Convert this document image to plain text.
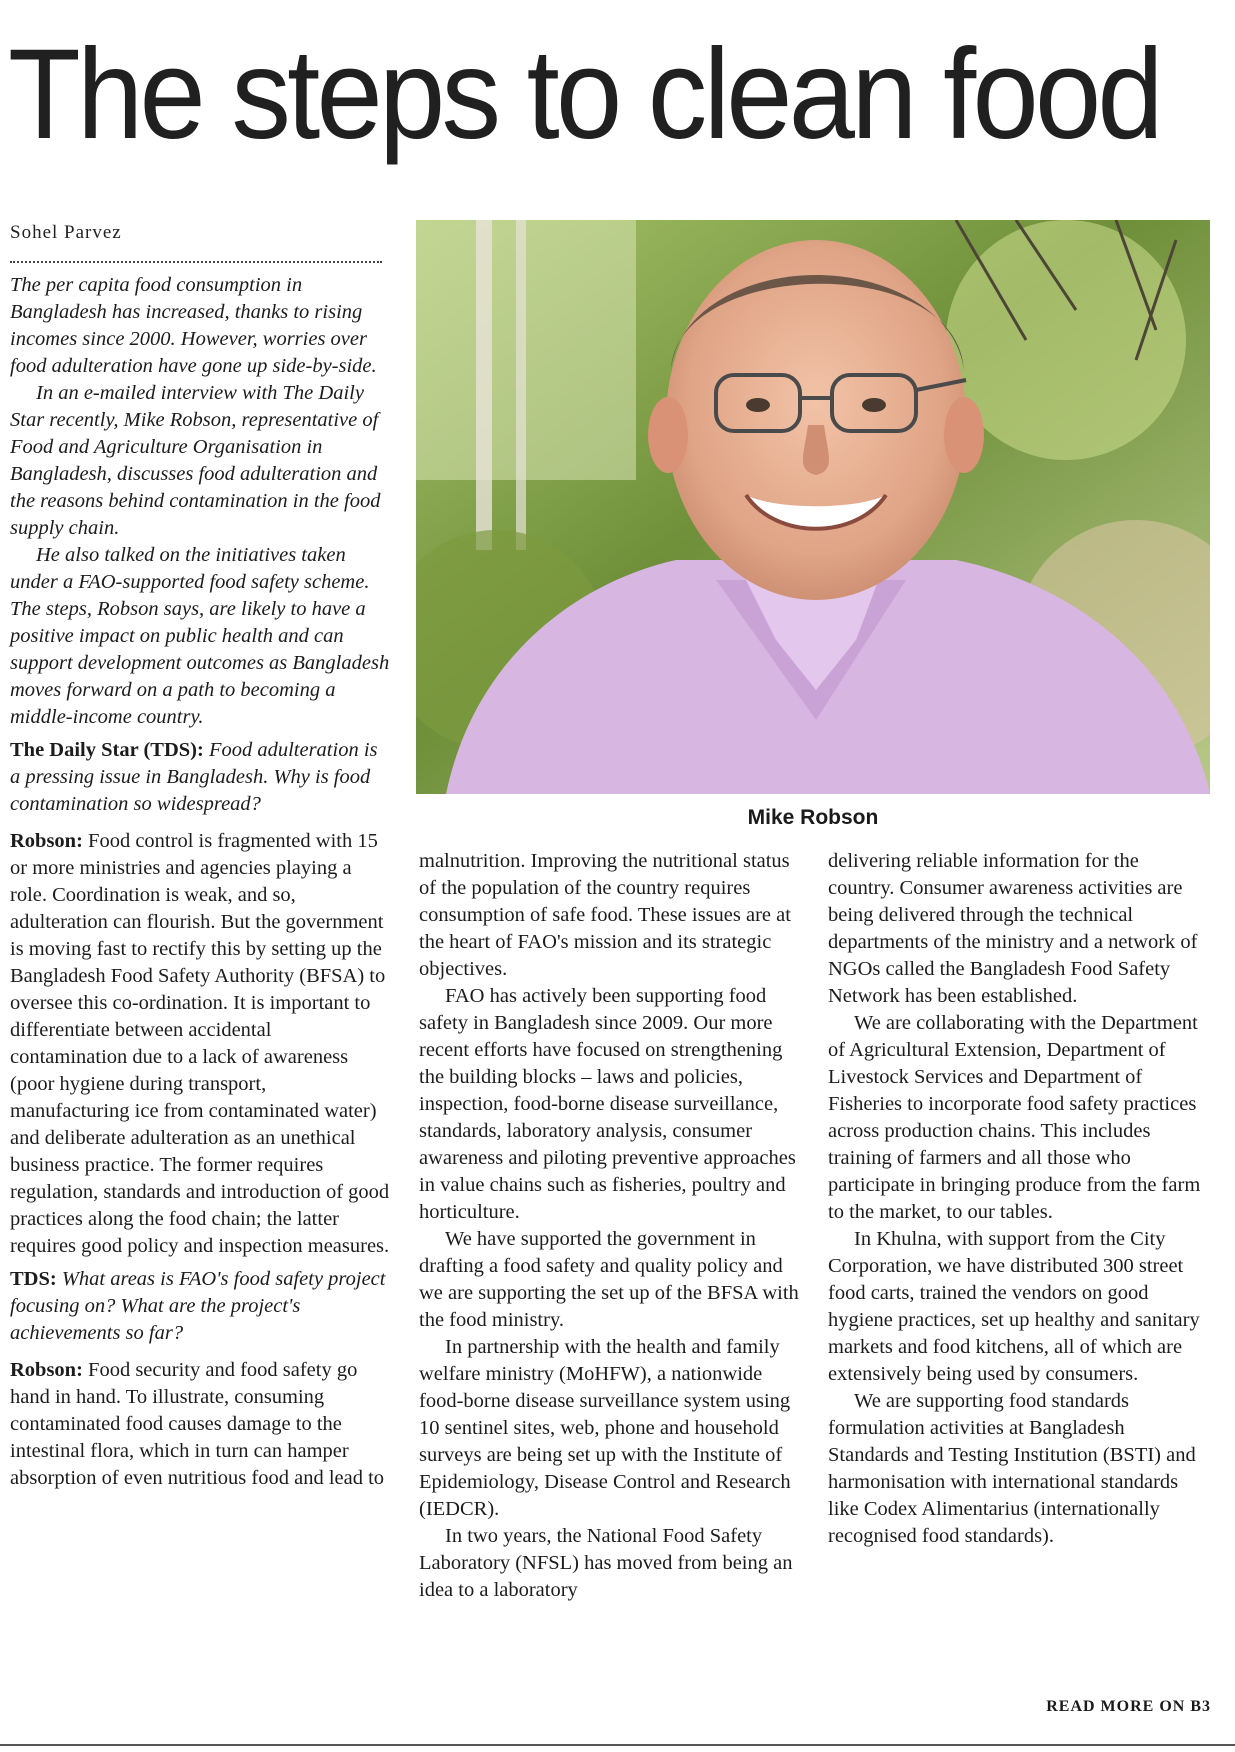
The steps to clean food
Sohel Parvez

The per capita food consumption in Bangladesh has increased, thanks to rising incomes since 2000. However, worries over food adulteration have gone up side-by-side.

In an e-mailed interview with The Daily Star recently, Mike Robson, representative of Food and Agriculture Organisation in Bangladesh, discusses food adulteration and the reasons behind contamination in the food supply chain.

He also talked on the initiatives taken under a FAO-supported food safety scheme. The steps, Robson says, are likely to have a positive impact on public health and can support development outcomes as Bangladesh moves forward on a path to becoming a middle-income country.

The Daily Star (TDS): Food adulteration is a pressing issue in Bangladesh. Why is food contamination so widespread?

Robson: Food control is fragmented with 15 or more ministries and agencies playing a role. Coordination is weak, and so, adulteration can flourish. But the government is moving fast to rectify this by setting up the Bangladesh Food Safety Authority (BFSA) to oversee this co-ordination. It is important to differentiate between accidental contamination due to a lack of awareness (poor hygiene during transport, manufacturing ice from contaminated water) and deliberate adulteration as an unethical business practice. The former requires regulation, standards and introduction of good practices along the food chain; the latter requires good policy and inspection measures.

TDS: What areas is FAO's food safety project focusing on? What are the project's achievements so far?

Robson: Food security and food safety go hand in hand. To illustrate, consuming contaminated food causes damage to the intestinal flora, which in turn can hamper absorption of even nutritious food and lead to

Mike Robson

malnutrition. Improving the nutritional status of the population of the country requires consumption of safe food. These issues are at the heart of FAO's mission and its strategic objectives.

FAO has actively been supporting food safety in Bangladesh since 2009. Our more recent efforts have focused on strengthening the building blocks – laws and policies, inspection, food-borne disease surveillance, standards, laboratory analysis, consumer awareness and piloting preventive approaches in value chains such as fisheries, poultry and horticulture.

We have supported the government in drafting a food safety and quality policy and we are supporting the set up of the BFSA with the food ministry.

In partnership with the health and family welfare ministry (MoHFW), a nationwide food-borne disease surveillance system using 10 sentinel sites, web, phone and household surveys are being set up with the Institute of Epidemiology, Disease Control and Research (IEDCR).

In two years, the National Food Safety Laboratory (NFSL) has moved from being an idea to a laboratory

delivering reliable information for the country. Consumer awareness activities are being delivered through the technical departments of the ministry and a network of NGOs called the Bangladesh Food Safety Network has been established.

We are collaborating with the Department of Agricultural Extension, Department of Livestock Services and Department of Fisheries to incorporate food safety practices across production chains. This includes training of farmers and all those who participate in bringing produce from the farm to the market, to our tables.

In Khulna, with support from the City Corporation, we have distributed 300 street food carts, trained the vendors on good hygiene practices, set up healthy and sanitary markets and food kitchens, all of which are extensively being used by consumers.

We are supporting food standards formulation activities at Bangladesh Standards and Testing Institution (BSTI) and harmonisation with international standards like Codex Alimentarius (internationally recognised food standards).

READ MORE ON B3
